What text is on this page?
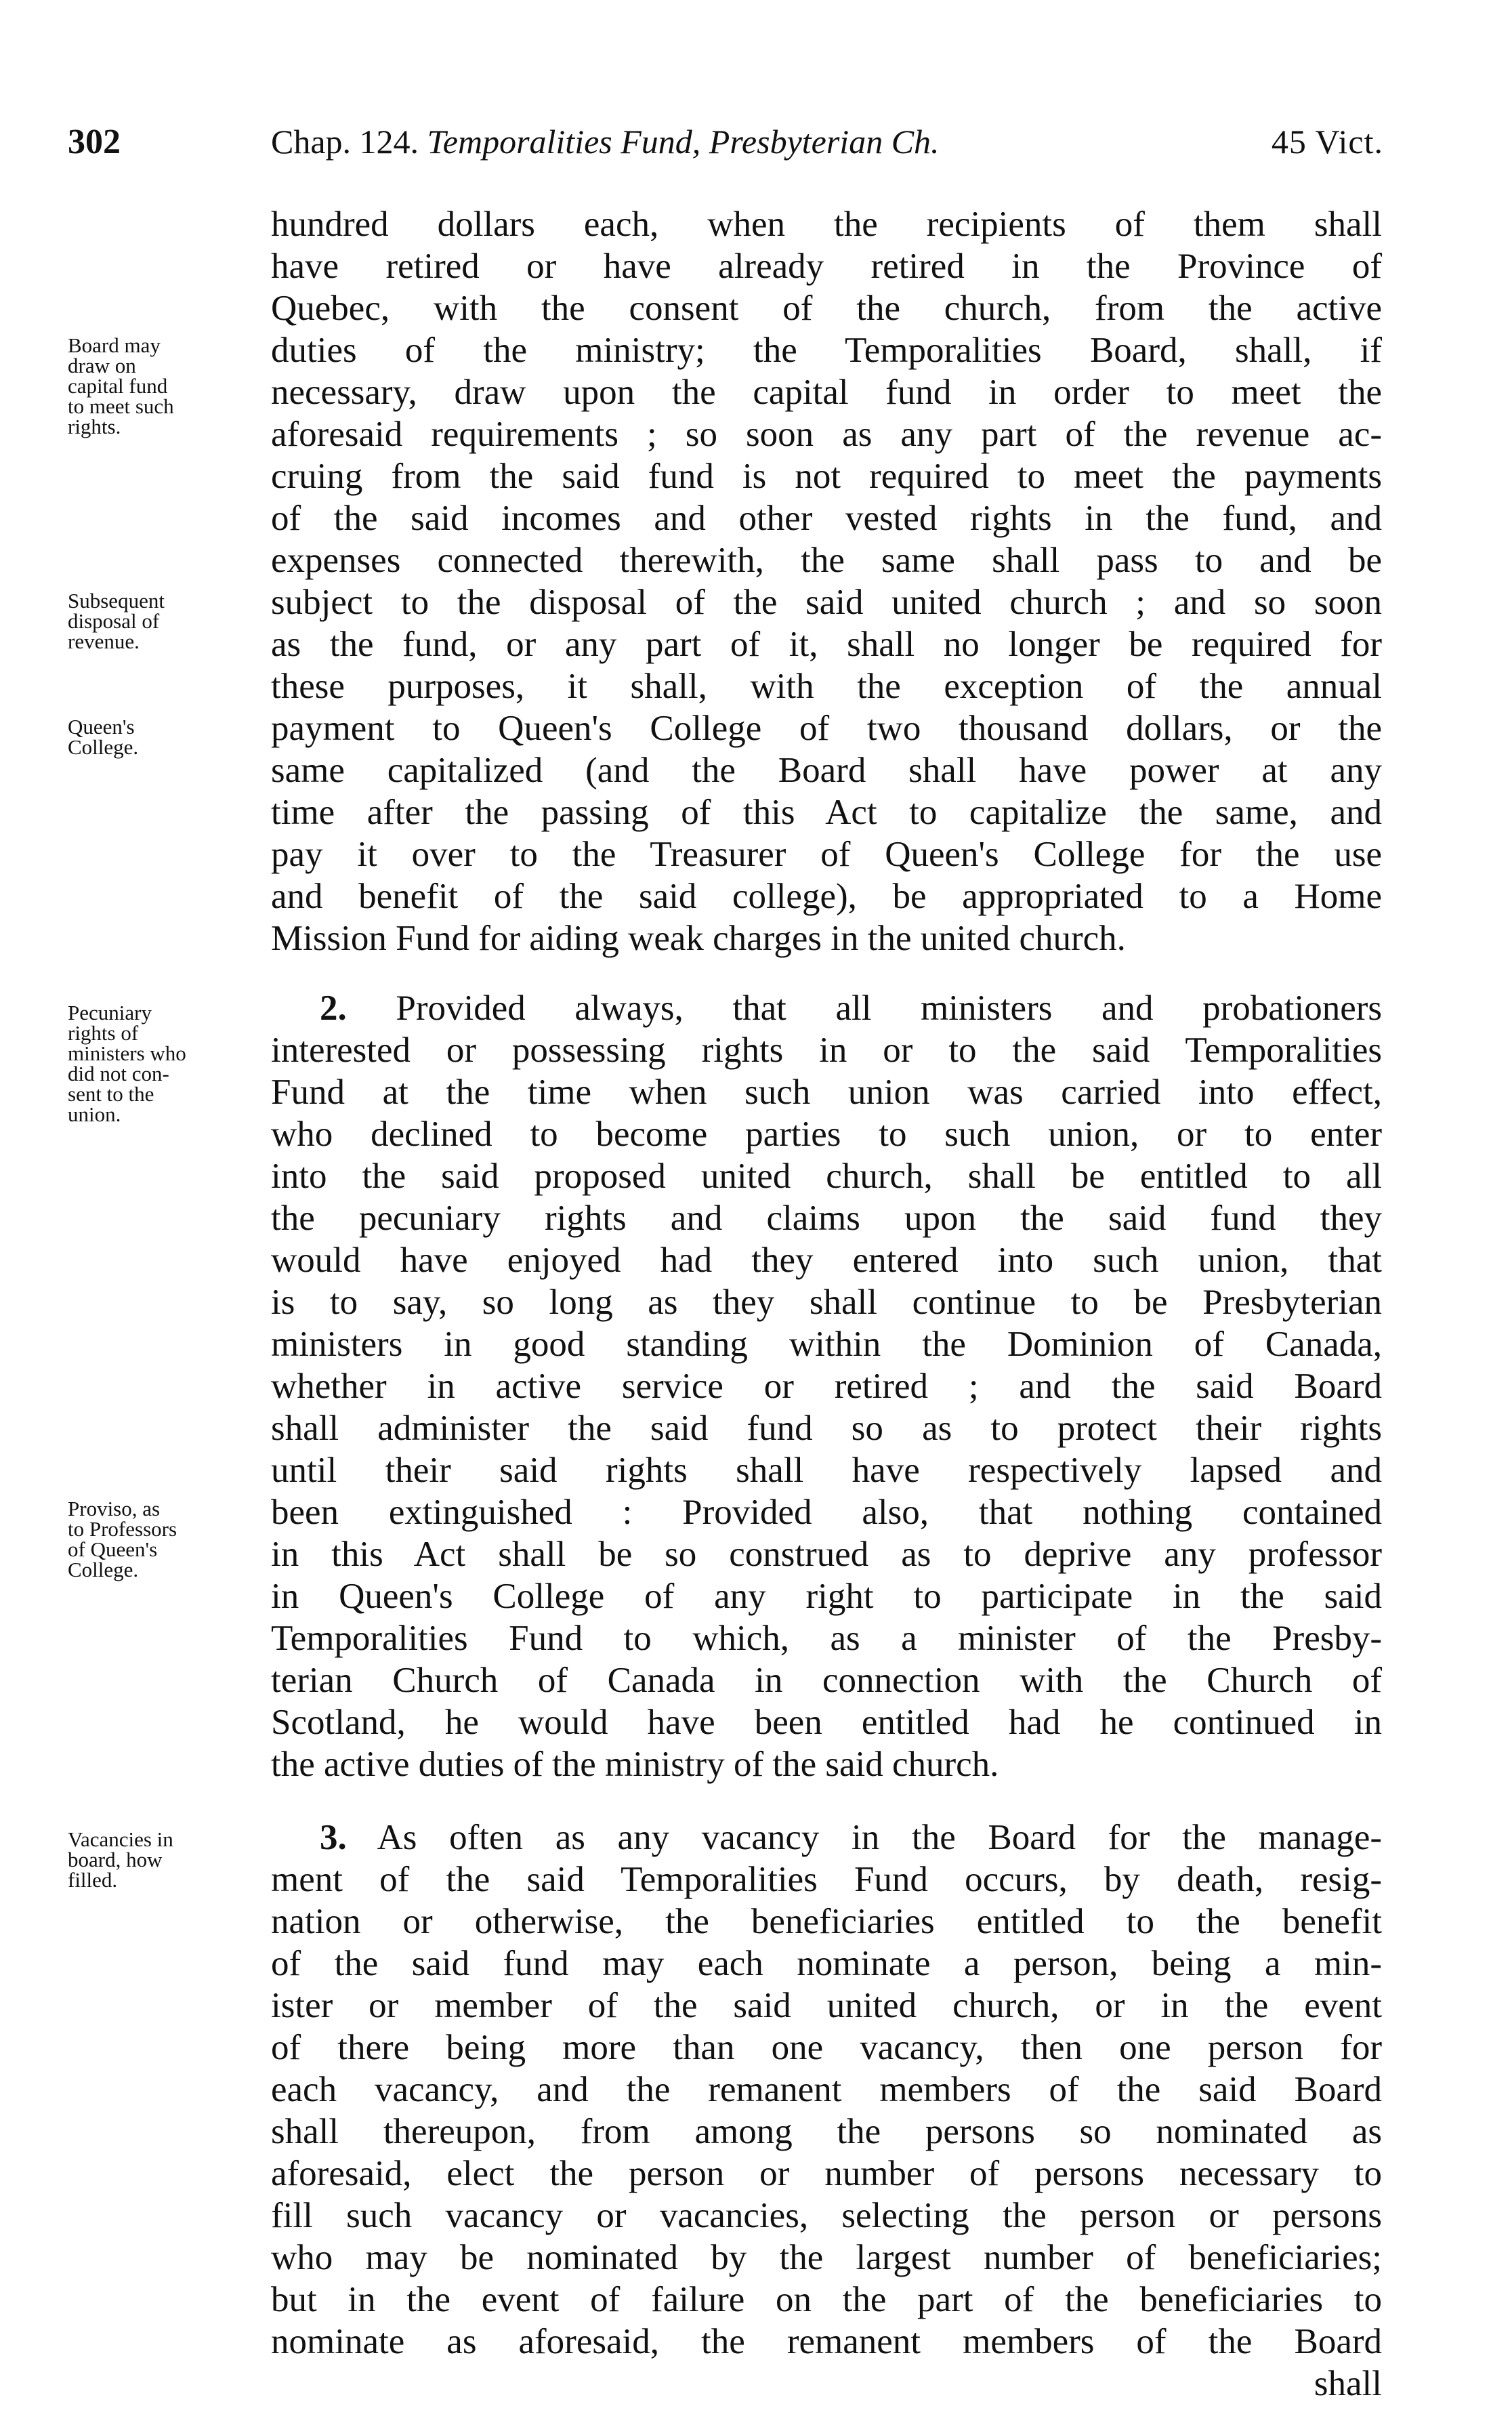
302	Chap. 124. Temporalities Fund, Presbyterian Ch.	45 Vict.
hundred dollars each, when the recipients of them shall
have retired or have already retired in the Province of
Quebec, with the consent of the church, from the active
duties of the ministry; the Temporalities Board, shall, if
necessary, draw upon the capital fund in order to meet the
aforesaid requirements ; so soon as any part of the revenue ac-
cruing from the said fund is not required to meet the payments
of the said incomes and other vested rights in the fund, and
expenses connected therewith, the same shall pass to and be
subject to the disposal of the said united church ; and so soon
as the fund, or any part of it, shall no longer be required for
these purposes, it shall, with the exception of the annual
payment to Queen's College of two thousand dollars, or the
same capitalized (and the Board shall have power at any
time after the passing of this Act to capitalize the same, and
pay it over to the Treasurer of Queen's College for the use
and benefit of the said college), be appropriated to a Home
Mission Fund for aiding weak charges in the united church.
2. Provided always, that all ministers and probationers
interested or possessing rights in or to the said Temporalities
Fund at the time when such union was carried into effect,
who declined to become parties to such union, or to enter
into the said proposed united church, shall be entitled to all
the pecuniary rights and claims upon the said fund they
would have enjoyed had they entered into such union, that
is to say, so long as they shall continue to be Presbyterian
ministers in good standing within the Dominion of Canada,
whether in active service or retired ; and the said Board
shall administer the said fund so as to protect their rights
until their said rights shall have respectively lapsed and
been extinguished : Provided also, that nothing contained
in this Act shall be so construed as to deprive any professor
in Queen's College of any right to participate in the said
Temporalities Fund to which, as a minister of the Presby-
terian Church of Canada in connection with the Church of
Scotland, he would have been entitled had he continued in
the active duties of the ministry of the said church.
3. As often as any vacancy in the Board for the manage-
ment of the said Temporalities Fund occurs, by death, resig-
nation or otherwise, the beneficiaries entitled to the benefit
of the said fund may each nominate a person, being a min-
ister or member of the said united church, or in the event
of there being more than one vacancy, then one person for
each vacancy, and the remanent members of the said Board
shall thereupon, from among the persons so nominated as
aforesaid, elect the person or number of persons necessary to
fill such vacancy or vacancies, selecting the person or persons
who may be nominated by the largest number of beneficiaries;
but in the event of failure on the part of the beneficiaries to
nominate as aforesaid, the remanent members of the Board
shall
Board may
draw on
capital fund
to meet such
rights.
Subsequent
disposal of
revenue.
Queen's
College.
Pecuniary
rights of
ministers who
did not con-
sent to the
union.
Proviso, as
to Professors
of Queen's
College.
Vacancies in
board, how
filled.
